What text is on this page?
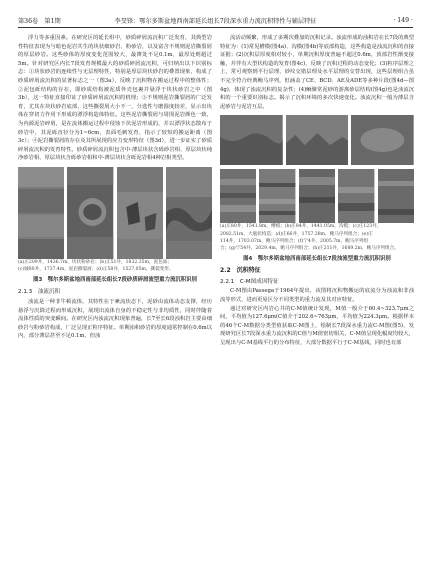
第36卷　第1期	李旻锋：鄂尔多斯盆地西南部延长组长7段深水重力流沉积特性与辅层特征	· 149 ·

浮力等多重因素。在研究区的延长组中，砂质碎屑流沉积广泛发育，其典型岩性特征表现为与暗色泥岩共生的块状细砂岩、粉砂岩，以及富含不规则泥岩撕裂屑的厚层砂岩。这些砂体的厚度变化范围较大，最薄处不足0.1m，最厚处则超过5m。针对研究区内长7段发育规模最大的砂质碎屑流沉积，可归纳出以下识别标志：①块状砂岩的连续性与无层理特性，特别是厚层块状砂岩的叠置现象，构成了砂质碎屑流沉积的显著标志之一（图3a），反映了沉积物在搬运过程中的整体性；②泥包砾结构的存在，即砂质结构被泥质外壳包裹并悬浮于块状砂岩之中（图3b），这一特征直接印证了砂质碎屑流沉积的机理；③不规则泥岩撕裂屑的广泛发育，尤其在块状砂岩底部，这些撕裂屑大小不一，分选性与磨圆度较差，显示出块体在穿切力作用下形成的漂浮构造体特征。这些泥岩撕裂屑与周围泥岩颜色一致，为内源泥岩碎屑，是在流体搬运过程中侵蚀下伏泥岩形成的，并以漂浮状态散布于砂岩中，其泥砾直径分为1~6cm，表面毛刺发育，指示了较短的搬运距离（图3c）；④泥岩撕裂屑的存在及其所展现的应力变形特征（图3d），进一步证实了砂质碎屑流沉积的发育特性。砂质碎屑流沉积包含中-薄层块状含砾砂岩相、厚层块状纯净砂岩相、厚层块状含砾砂岩相和中-薄层块状含砾泥岩相4种岩相类型。

(a)庄209井，1436.7m，块状粉砂岩；(b)正51井，1832.35m，泥包砾；
(c)城80井，1737.4m，泥岩撕裂屑；(d)正58井，1527.05m，撕裂变形。
图3　鄂尔多斯盆地西南部延长组长7段砂质碎屑流型重力流沉积识别
2.1.3　浊流沉积

浊流是一种非牛顿流体，其特性在于紊流状态下，泥砂由流体动态支撑，经历悬浮与沉降过程而形成沉积，展现出流体自身的不稳定性与非均质性，同时伴随着流体性质的突变瞬间。在研究区内浊流沉积现象普遍，长7至长6段浊积岩主要由细砂岩与粉砂岩构成，厂泛呈现正粒序特征。单期浊积砂岩的厚度通常控制在0.6m以内，部分薄层甚至不足0.1m，但浊

流活动频繁，形成了多期次叠加的沉积记录。浊流形成的浊积岩在长7段的典型特征为：(1)常见槽模(图4a)、沟模(图4b)等底部构造，这些构造是浊流沉积的直接证据；(2)沉积层厚度相对较小，单期沉积厚度普遍不超过0.6m，顶部岩性渐变接触，并伴有大型状构造的发育(图4c)，反映了沉积过程的动态变化；(3)粒序层理之上，常可观察到平行层理、砂纹交错层理及水平层理的交替出现，这些层理组合虽不完全符合经典鲍马序列，但涵盖了CE、BCD、AE及ADE等多种片段(图4d—图4g)，体现了浊流沉积的复杂性；(4)鲕聚常泥砂的游离砂层结构(图4g)也是浊流沉积的一个重要识别标志。揭示了沉积环境的多次快速变化。浊流沉积一般为薄层含泥砂岩与泥岩互层。

(a)庄80井，1541.8m，槽模；(b)庄84井，1441.05m，沟模；(c)庄123井，
2082.51m，大瓶状构造；(d)庄66井，1757.38m，鲍马序列组合；(e)庄
114井，1703.07m，鲍马序列组合；(f)宁4井，2005.7m，鲍马序列组
合；(g)宁54井，2029.4m，鲍马序列组合；(h)庄211井，1689.2m，鲍马序列组合。
图4　鄂尔多斯盆地西南部延长组长7段浊流型重力流沉积识别
2.2　沉积特征
2.2.1　C-M图成因特征

C-M图由Passega于1964年提出，该图将沉积物搬运的底流分为浊流和非浊流等形式，进而更易区分不同类型的重力流及其对应特征。

通过对研究区内岩心井的C-M值统计发现，M值一般介于60.4~323.7μm之间，平均值为127.6μm(C值介于202.6~763μm，平均值为224.3μm。根据样本的46个C-M数据分类型值获取C-M图上，绘制长7段深水重力流C-M图(图5)，发现研究区长7段深水重力流沉积的C值与M值密切相关，C-M值呈现化幅度均较大，呈现出与C-M基线平行的分布特征，大部分数据平行于C-M基线，同时也有部
